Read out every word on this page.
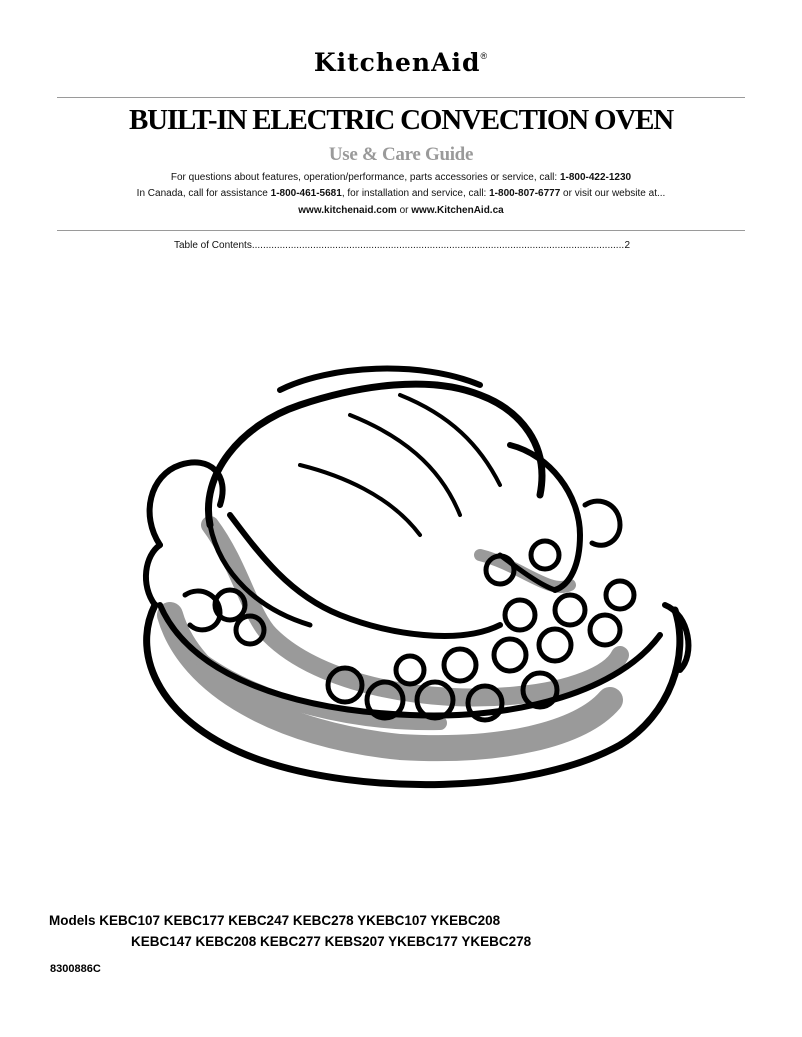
KitchenAid®
BUILT-IN ELECTRIC CONVECTION OVEN
Use & Care Guide
For questions about features, operation/performance, parts accessories or service, call: 1-800-422-1230
In Canada, call for assistance 1-800-461-5681, for installation and service, call: 1-800-807-6777 or visit our website at...
www.kitchenaid.com or www.KitchenAid.ca
Table of Contents
.....	2
Models KEBC107 KEBC177 KEBC247 KEBC278 YKEBC107 YKEBC208
KEBC147 KEBC208 KEBC277 KEBS207 YKEBC177 YKEBC278
8300886C
